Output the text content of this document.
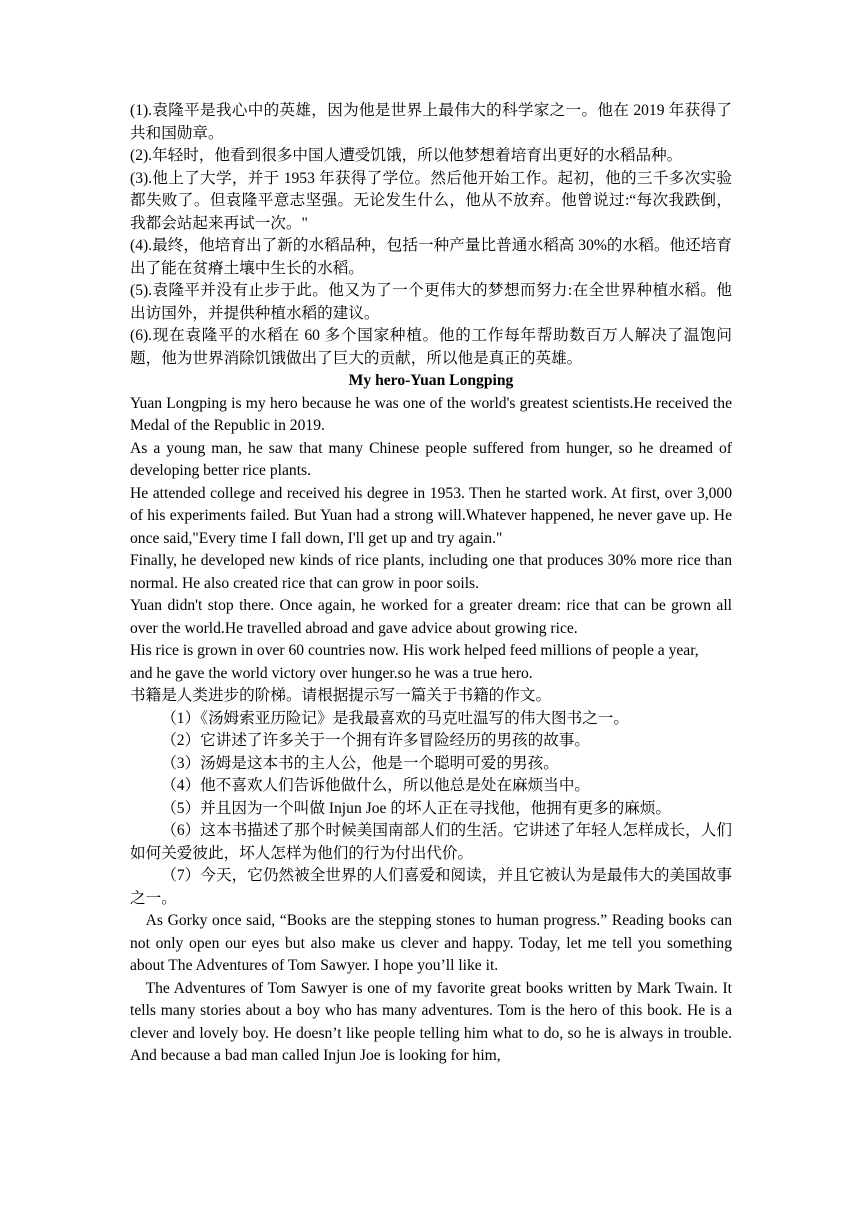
(1).袁隆平是我心中的英雄，因为他是世界上最伟大的科学家之一。他在 2019 年获得了共和国勋章。

(2).年轻时，他看到很多中国人遭受饥饿，所以他梦想着培育出更好的水稻品种。

(3).他上了大学，并于 1953 年获得了学位。然后他开始工作。起初，他的三千多次实验都失败了。但袁隆平意志坚强。无论发生什么，他从不放弃。他曾说过:“每次我跌倒，我都会站起来再试一次。"

(4).最终，他培育出了新的水稻品种，包括一种产量比普通水稻高 30%的水稻。他还培育出了能在贫瘠土壤中生长的水稻。

(5).袁隆平并没有止步于此。他又为了一个更伟大的梦想而努力:在全世界种植水稻。他出访国外，并提供种植水稻的建议。

(6).现在袁隆平的水稻在 60 多个国家种植。他的工作每年帮助数百万人解决了温饱问题，他为世界消除饥饿做出了巨大的贡献，所以他是真正的英雄。

My hero-Yuan Longping

Yuan Longping is my hero because he was one of the world's greatest scientists.He received the Medal of the Republic in 2019.

As a young man, he saw that many Chinese people suffered from hunger, so he dreamed of developing better rice plants.

He attended college and received his degree in 1953. Then he started work. At first, over 3,000 of his experiments failed. But Yuan had a strong will.Whatever happened, he never gave up. He once said,"Every time I fall down, I'll get up and try again."

Finally, he developed new kinds of rice plants, including one that produces 30% more rice than normal. He also created rice that can grow in poor soils.

Yuan didn't stop there. Once again, he worked for a greater dream: rice that can be grown all over the world.He travelled abroad and gave advice about growing rice.

His rice is grown in over 60 countries now. His work helped feed millions of people a year,

and he gave the world victory over hunger.so he was a true hero.

书籍是人类进步的阶梯。请根据提示写一篇关于书籍的作文。

（1）《汤姆索亚历险记》是我最喜欢的马克吐温写的伟大图书之一。

（2）它讲述了许多关于一个拥有许多冒险经历的男孩的故事。

（3）汤姆是这本书的主人公，他是一个聪明可爱的男孩。

（4）他不喜欢人们告诉他做什么，所以他总是处在麻烦当中。

（5）并且因为一个叫做 Injun Joe 的坏人正在寻找他，他拥有更多的麻烦。

（6）这本书描述了那个时候美国南部人们的生活。它讲述了年轻人怎样成长，人们如何关爱彼此，坏人怎样为他们的行为付出代价。

（7）今天，它仍然被全世界的人们喜爱和阅读，并且它被认为是最伟大的美国故事之一。

As Gorky once said, “Books are the stepping stones to human progress.” Reading books can not only open our eyes but also make us clever and happy. Today, let me tell you something about The Adventures of Tom Sawyer. I hope you’ll like it.

The Adventures of Tom Sawyer is one of my favorite great books written by Mark Twain. It tells many stories about a boy who has many adventures. Tom is the hero of this book. He is a clever and lovely boy. He doesn’t like people telling him what to do, so he is always in trouble. And because a bad man called Injun Joe is looking for him,
